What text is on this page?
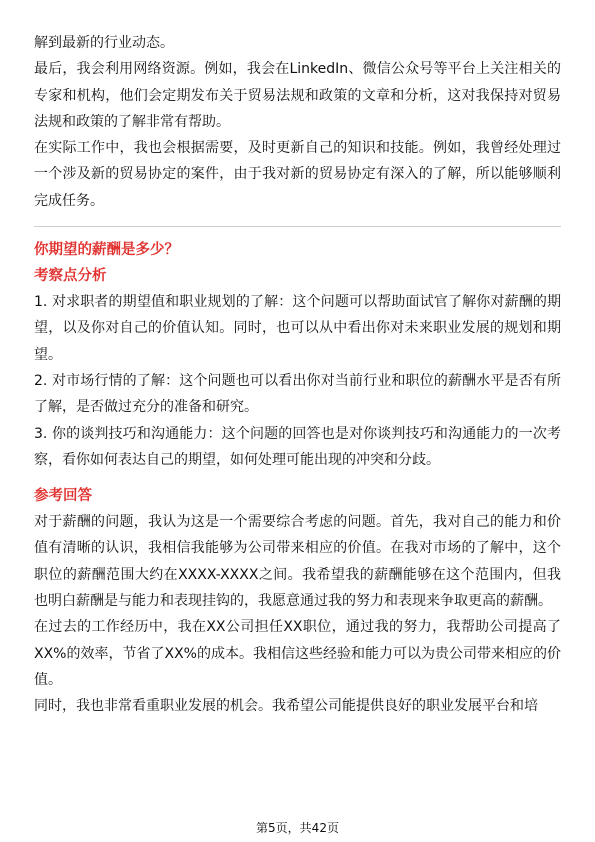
解到最新的行业动态。

最后，我会利用网络资源。例如，我会在LinkedIn、微信公众号等平台上关注相关的专家和机构，他们会定期发布关于贸易法规和政策的文章和分析，这对我保持对贸易法规和政策的了解非常有帮助。

在实际工作中，我也会根据需要，及时更新自己的知识和技能。例如，我曾经处理过一个涉及新的贸易协定的案件，由于我对新的贸易协定有深入的了解，所以能够顺利完成任务。

你期望的薪酬是多少？

考察点分析

1. 对求职者的期望值和职业规划的了解：这个问题可以帮助面试官了解你对薪酬的期望，以及你对自己的价值认知。同时，也可以从中看出你对未来职业发展的规划和期望。

2. 对市场行情的了解：这个问题也可以看出你对当前行业和职位的薪酬水平是否有所了解，是否做过充分的准备和研究。

3. 你的谈判技巧和沟通能力：这个问题的回答也是对你谈判技巧和沟通能力的一次考察，看你如何表达自己的期望，如何处理可能出现的冲突和分歧。

参考回答

对于薪酬的问题，我认为这是一个需要综合考虑的问题。首先，我对自己的能力和价值有清晰的认识，我相信我能够为公司带来相应的价值。在我对市场的了解中，这个职位的薪酬范围大约在XXXX-XXXX之间。我希望我的薪酬能够在这个范围内，但我也明白薪酬是与能力和表现挂钩的，我愿意通过我的努力和表现来争取更高的薪酬。

在过去的工作经历中，我在XX公司担任XX职位，通过我的努力，我帮助公司提高了XX%的效率，节省了XX%的成本。我相信这些经验和能力可以为贵公司带来相应的价值。

同时，我也非常看重职业发展的机会。我希望公司能提供良好的职业发展平台和培

第5页，共42页
